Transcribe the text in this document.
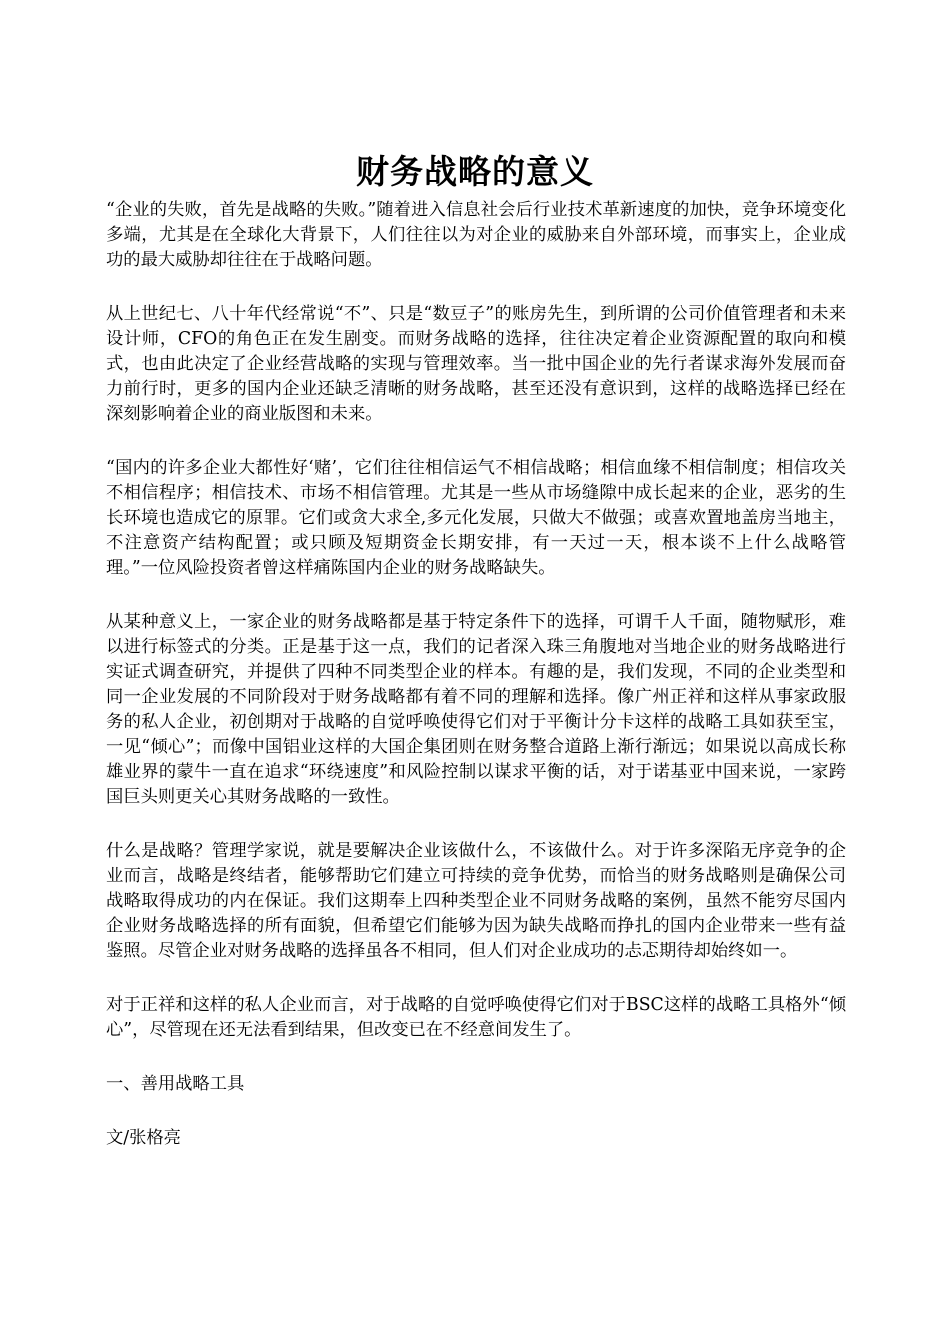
财务战略的意义

“企业的失败，首先是战略的失败。”随着进入信息社会后行业技术革新速度的加快，竞争环境变化多端，尤其是在全球化大背景下，人们往往以为对企业的威胁来自外部环境，而事实上，企业成功的最大威胁却往往在于战略问题。

从上世纪七、八十年代经常说“不”、只是“数豆子”的账房先生，到所谓的公司价值管理者和未来设计师，CFO的角色正在发生剧变。而财务战略的选择，往往决定着企业资源配置的取向和模式，也由此决定了企业经营战略的实现与管理效率。当一批中国企业的先行者谋求海外发展而奋力前行时，更多的国内企业还缺乏清晰的财务战略，甚至还没有意识到，这样的战略选择已经在深刻影响着企业的商业版图和未来。

“国内的许多企业大都性好‘赌’，它们往往相信运气不相信战略；相信血缘不相信制度；相信攻关不相信程序；相信技术、市场不相信管理。尤其是一些从市场缝隙中成长起来的企业，恶劣的生长环境也造成它的原罪。它们或贪大求全,多元化发展，只做大不做强；或喜欢置地盖房当地主，不注意资产结构配置；或只顾及短期资金长期安排，有一天过一天，根本谈不上什么战略管理。”一位风险投资者曾这样痛陈国内企业的财务战略缺失。

从某种意义上，一家企业的财务战略都是基于特定条件下的选择，可谓千人千面，随物赋形，难以进行标签式的分类。正是基于这一点，我们的记者深入珠三角腹地对当地企业的财务战略进行实证式调查研究，并提供了四种不同类型企业的样本。有趣的是，我们发现，不同的企业类型和同一企业发展的不同阶段对于财务战略都有着不同的理解和选择。像广州正祥和这样从事家政服务的私人企业，初创期对于战略的自觉呼唤使得它们对于平衡计分卡这样的战略工具如获至宝，一见“倾心”；而像中国铝业这样的大国企集团则在财务整合道路上渐行渐远；如果说以高成长称雄业界的蒙牛一直在追求“环绕速度”和风险控制以谋求平衡的话，对于诺基亚中国来说，一家跨国巨头则更关心其财务战略的一致性。

什么是战略？管理学家说，就是要解决企业该做什么，不该做什么。对于许多深陷无序竞争的企业而言，战略是终结者，能够帮助它们建立可持续的竞争优势，而恰当的财务战略则是确保公司战略取得成功的内在保证。我们这期奉上四种类型企业不同财务战略的案例，虽然不能穷尽国内企业财务战略选择的所有面貌，但希望它们能够为因为缺失战略而挣扎的国内企业带来一些有益鉴照。尽管企业对财务战略的选择虽各不相同，但人们对企业成功的忐忑期待却始终如一。

对于正祥和这样的私人企业而言，对于战略的自觉呼唤使得它们对于BSC这样的战略工具格外“倾心”，尽管现在还无法看到结果，但改变已在不经意间发生了。

一、善用战略工具

文/张格亮
